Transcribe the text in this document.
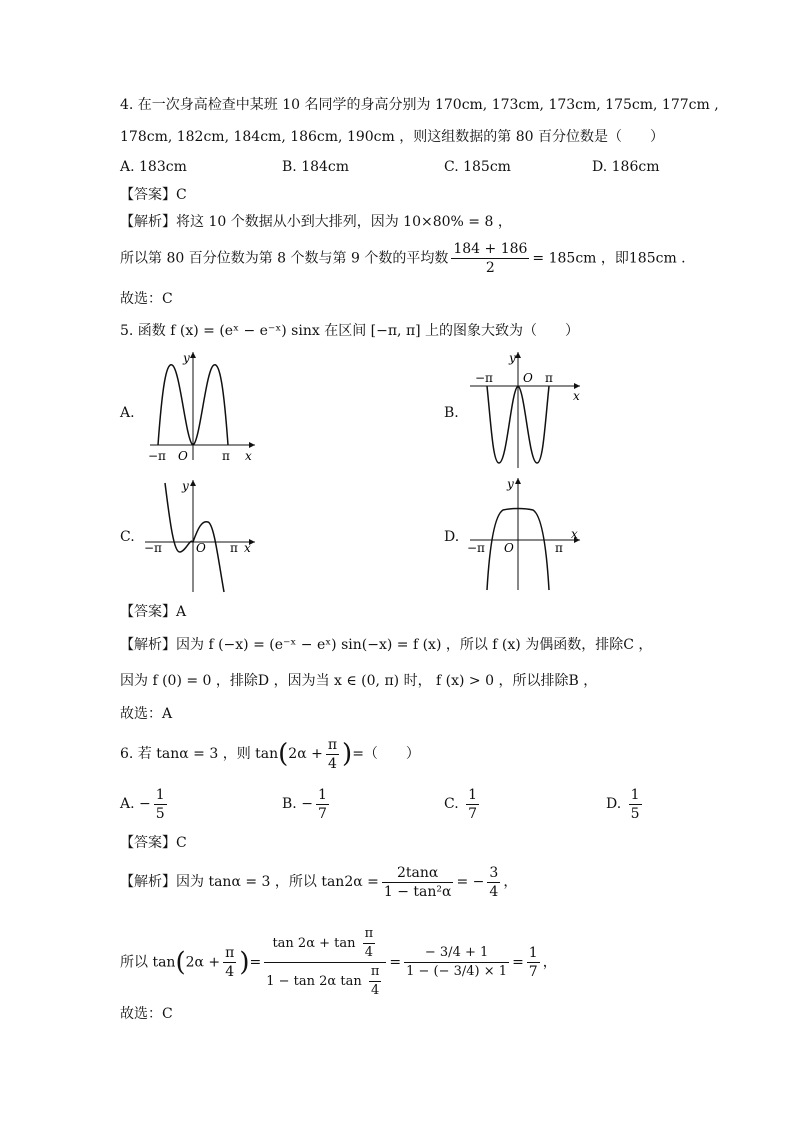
4. 在一次身高检查中某班 10 名同学的身高分别为 170cm, 173cm, 173cm, 175cm, 177cm ,
178cm, 182cm, 184cm, 186cm, 190cm ，则这组数据的第 80 百分位数是（　　）
A. 183cm	B. 184cm	C. 185cm	D. 186cm
【答案】C
【解析】将这 10 个数据从小到大排列，因为 10×80% = 8 ，
所以第 80 百分位数为第 8 个数与第 9 个数的平均数 $\frac{184 + 186}{2} = 185cm$ ，即185cm .
故选：C
5. 函数 f (x) = (eˣ − e⁻ˣ) sinx 在区间 [−π, π] 上的图象大致为（　　）
A.	B.
C.	D.
y
x
O
−π	π
y
x
O
−π	π
y
x
O
−π	π
y
x
O
−π	π
【答案】A
【解析】因为 f (−x) = (e⁻ˣ − eˣ) sin(−x) = f (x) ，所以 f (x) 为偶函数，排除C ，
因为 f (0) = 0 ，排除D ，因为当 x ∈ (0, π) 时， f (x) > 0 ，所以排除B ，
故选：A
6. 若 tanα = 3 ，则 $\tan(2\alpha + \frac{\pi}{4}$ )=（　　）
A. − $\frac{1}{5}$	B. − $\frac{1}{7}$	C. $\frac{1}{7}$	D. $\frac{1}{5}$
【答案】C
【解析】因为 tanα = 3 ，所以 $\tan 2\alpha = \frac{2\tan\alpha}{\text{1 − tan²α}}$ = − $\frac{3}{4}$ ，
所以 $\tan(2\alpha + \frac{\pi}{4}$ )= $\frac{\tan 2\alpha + \tan \frac{\pi}{4}}{1 - \tan 2\alpha \tan \frac{\pi}{4}} = \frac{- 3/4 + 1}{1 - (- 3/4) \times 1} = \frac{1}{7}$ ，
故选：C
